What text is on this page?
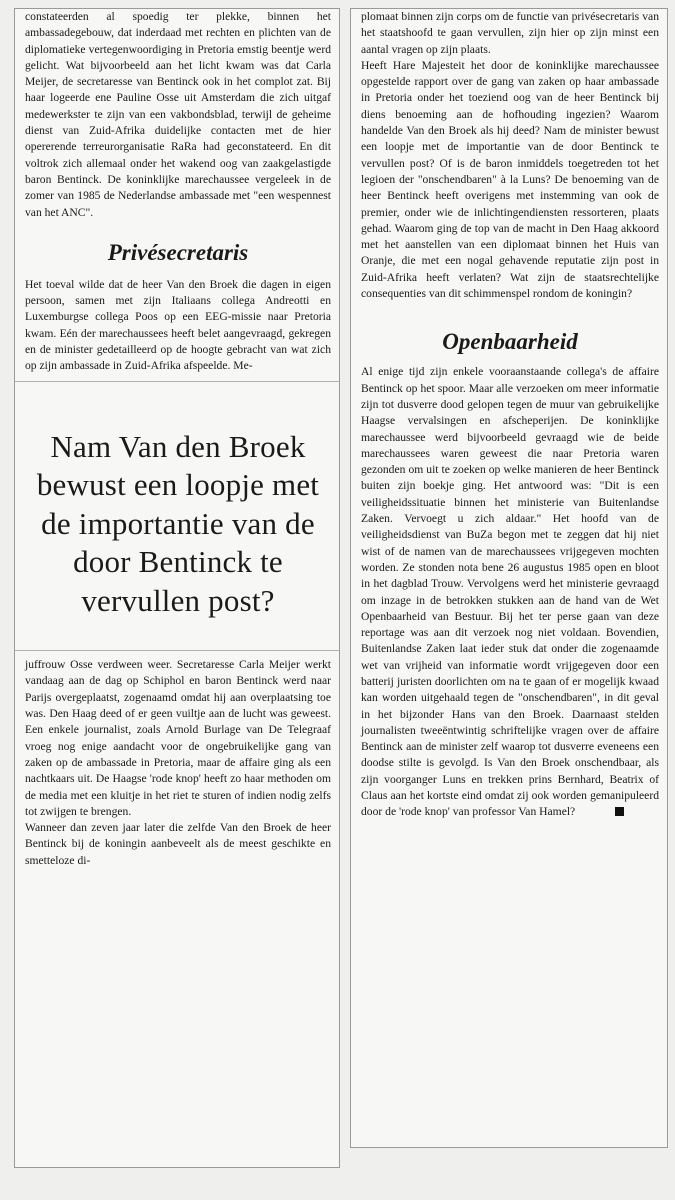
constateerden al spoedig ter plekke, binnen het ambassadegebouw, dat inderdaad met rechten en plichten van de diplomatieke vertegenwoordiging in Pretoria emstig beentje werd gelicht. Wat bijvoorbeeld aan het licht kwam was dat Carla Meijer, de secretaresse van Bentinck ook in het complot zat. Bij haar logeerde ene Pauline Osse uit Amsterdam die zich uitgaf medewerkster te zijn van een vakbondsblad, terwijl de geheime dienst van Zuid-Afrika duidelijke contacten met de hier opererende terreurorganisatie RaRa had geconstateerd. En dit voltrok zich allemaal onder het wakend oog van zaakgelastigde baron Bentinck. De koninklijke marechaussee vergeleek in de zomer van 1985 de Nederlandse ambassade met "een wespennest van het ANC".

Privésecretaris

Het toeval wilde dat de heer Van den Broek die dagen in eigen persoon, samen met zijn Italiaans collega Andreotti en Luxemburgse collega Poos op een EEG-missie naar Pretoria kwam. Eén der marechaussees heeft belet aangevraagd, gekregen en de minister gedetailleerd op de hoogte gebracht van wat zich op zijn ambassade in Zuid-Afrika afspeelde. Me-

Nam Van den Broek bewust een loopje met de importantie van de door Bentinck te vervullen post?

juffrouw Osse verdween weer. Secretaresse Carla Meijer werkt vandaag aan de dag op Schiphol en baron Bentinck werd naar Parijs overgeplaatst, zogenaamd omdat hij aan overplaatsing toe was. Den Haag deed of er geen vuiltje aan de lucht was geweest. Een enkele journalist, zoals Arnold Burlage van De Telegraaf vroeg nog enige aandacht voor de ongebruikelijke gang van zaken op de ambassade in Pretoria, maar de affaire ging als een nachtkaars uit. De Haagse 'rode knop' heeft zo haar methoden om de media met een kluitje in het riet te sturen of indien nodig zelfs tot zwijgen te brengen.

Wanneer dan zeven jaar later die zelfde Van den Broek de heer Bentinck bij de koningin aanbeveelt als de meest geschikte en smetteloze di-

plomaat binnen zijn corps om de functie van privésecretaris van het staatshoofd te gaan vervullen, zijn hier op zijn minst een aantal vragen op zijn plaats.

Heeft Hare Majesteit het door de koninklijke marechaussee opgestelde rapport over de gang van zaken op haar ambassade in Pretoria onder het toeziend oog van de heer Bentinck bij diens benoeming aan de hofhouding ingezien? Waarom handelde Van den Broek als hij deed? Nam de minister bewust een loopje met de importantie van de door Bentinck te vervullen post? Of is de baron inmiddels toegetreden tot het legioen der "onschendbaren" à la Luns? De benoeming van de heer Bentinck heeft overigens met instemming van ook de premier, onder wie de inlichtingendiensten ressorteren, plaats gehad. Waarom ging de top van de macht in Den Haag akkoord met het aanstellen van een diplomaat binnen het Huis van Oranje, die met een nogal gehavende reputatie zijn post in Zuid-Afrika heeft verlaten? Wat zijn de staatsrechtelijke consequenties van dit schimmenspel rondom de koningin?

Openbaarheid

Al enige tijd zijn enkele vooraanstaande collega's de affaire Bentinck op het spoor. Maar alle verzoeken om meer informatie zijn tot dusverre dood gelopen tegen de muur van gebruikelijke Haagse vervalsingen en afscheperijen. De koninklijke marechaussee werd bijvoorbeeld gevraagd wie de beide marechaussees waren geweest die naar Pretoria waren gezonden om uit te zoeken op welke manieren de heer Bentinck buiten zijn boekje ging. Het antwoord was: "Dit is een veiligheidssituatie binnen het ministerie van Buitenlandse Zaken. Vervoegt u zich aldaar." Het hoofd van de veiligheidsdienst van BuZa begon met te zeggen dat hij niet wist of de namen van de marechaussees vrijgegeven mochten worden. Ze stonden nota bene 26 augustus 1985 open en bloot in het dagblad Trouw. Vervolgens werd het ministerie gevraagd om inzage in de betrokken stukken aan de hand van de Wet Openbaarheid van Bestuur. Bij het ter perse gaan van deze reportage was aan dit verzoek nog niet voldaan. Bovendien, Buitenlandse Zaken laat ieder stuk dat onder die zogenaamde wet van vrijheid van informatie wordt vrijgegeven door een batterij juristen doorlichten om na te gaan of er mogelijk kwaad kan worden uitgehaald tegen de "onschendbaren", in dit geval in het bijzonder Hans van den Broek. Daarnaast stelden journalisten tweeëntwintig schriftelijke vragen over de affaire Bentinck aan de minister zelf waarop tot dusverre eveneens een doodse stilte is gevolgd. Is Van den Broek onschendbaar, als zijn voorganger Luns en trekken prins Bernhard, Beatrix of Claus aan het kortste eind omdat zij ook worden gemanipuleerd door de 'rode knop' van professor Van Hamel?
